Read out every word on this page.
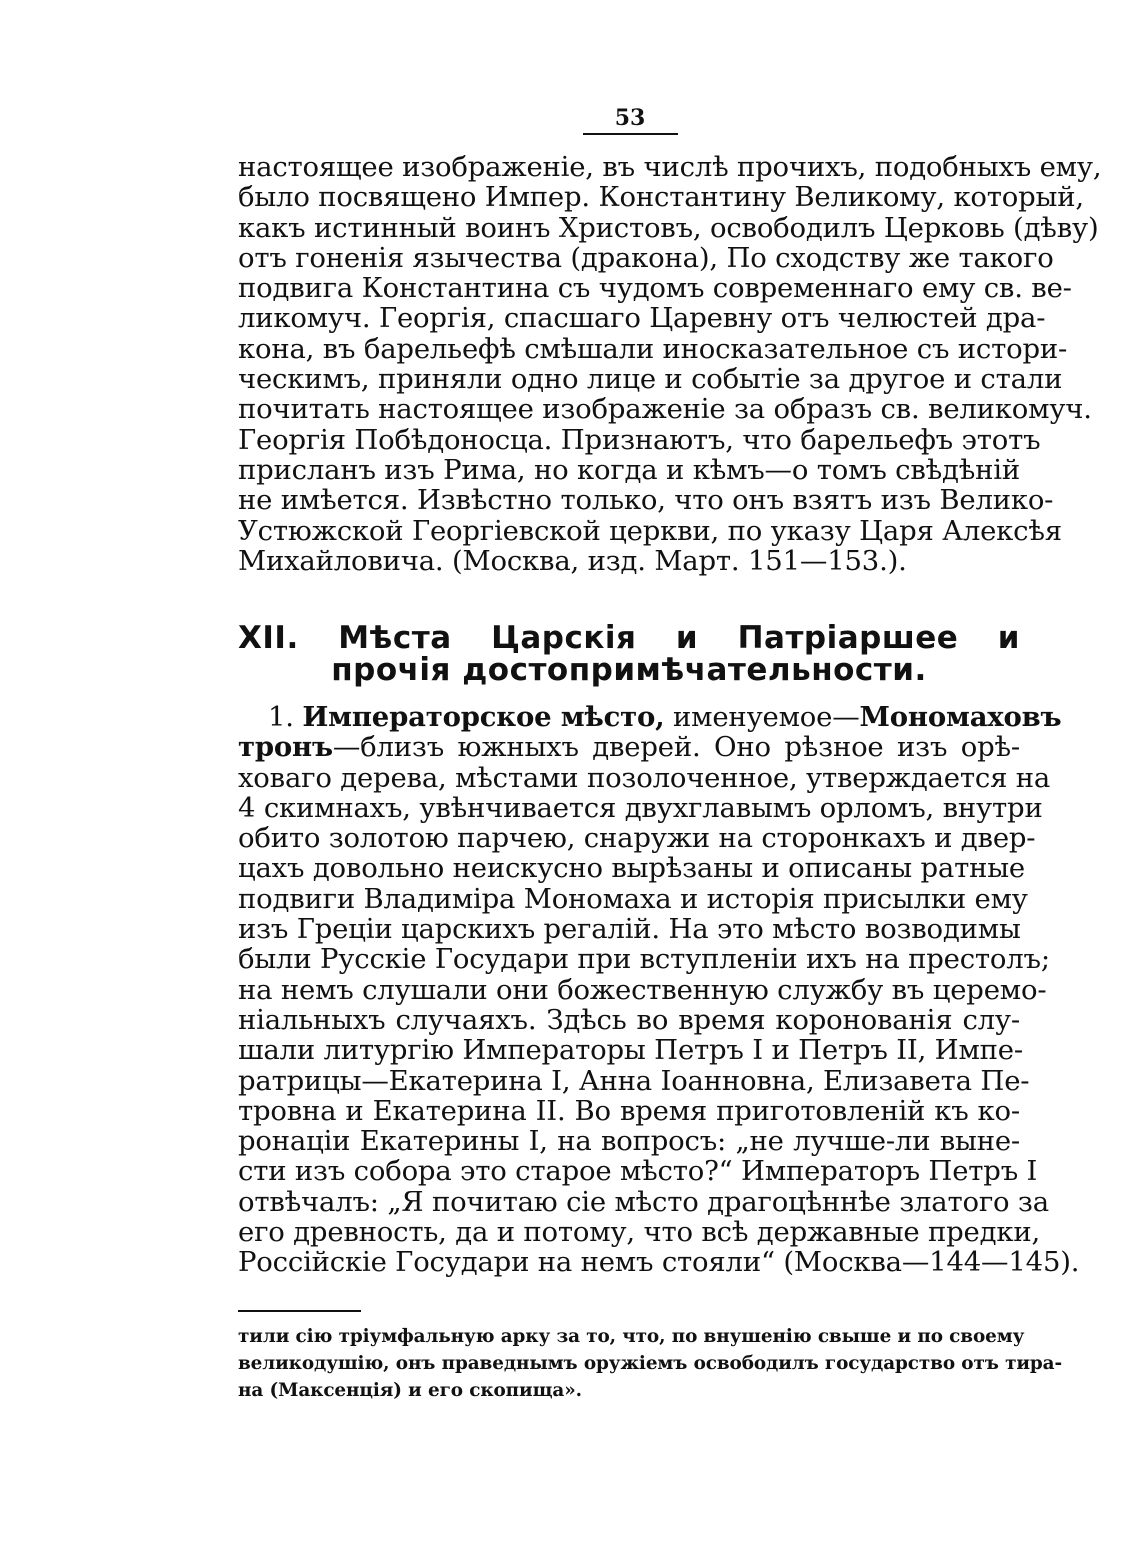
53
настоящее изображеніе, въ числѣ прочихъ, подобныхъ ему,
было посвящено Импер. Константину Великому, который,
какъ истинный воинъ Христовъ, освободилъ Церковь (дѣву)
отъ гоненія язычества (дракона), По сходству же такого
подвига Константина съ чудомъ современнаго ему св. ве-
ликомуч. Георгія, спасшаго Царевну отъ челюстей дра-
кона, въ барельефѣ смѣшали иносказательное съ истори-
ческимъ, приняли одно лице и событіе за другое и стали
почитать настоящее изображеніе за образъ св. великомуч.
Георгія Побѣдоносца. Признаютъ, что барельефъ этотъ
присланъ изъ Рима, но когда и кѣмъ—о томъ свѣдѣній
не имѣется. Извѣстно только, что онъ взятъ изъ Велико-
Устюжской Георгіевской церкви, по указу Царя Алексѣя
Михайловича. (Москва, изд. Март. 151—153.).
XII. Мѣста Царскія и Патріаршее и
прочія достопримѣчательности.
1. Императорское мѣсто, именуемое—Мономаховъ
тронъ—близъ южныхъ дверей. Оно рѣзное изъ орѣ-
ховаго дерева, мѣстами позолоченное, утверждается на
4 скимнахъ, увѣнчивается двухглавымъ орломъ, внутри
обито золотою парчею, снаружи на сторонкахъ и двер-
цахъ довольно неискусно вырѣзаны и описаны ратные
подвиги Владиміра Мономаха и исторія присылки ему
изъ Греціи царскихъ регалій. На это мѣсто возводимы
были Русскіе Государи при вступленіи ихъ на престолъ;
на немъ слушали они божественную службу въ церемо-
ніальныхъ случаяхъ. Здѣсь во время коронованія слу-
шали литургію Императоры Петръ I и Петръ II, Импе-
ратрицы—Екатерина I, Анна Іоанновна, Елизавета Пе-
тровна и Екатерина II. Во время приготовленій къ ко-
ронаціи Екатерины I, на вопросъ: „не лучше-ли выне-
сти изъ собора это старое мѣсто?“ Императоръ Петръ I
отвѣчалъ: „Я почитаю сіе мѣсто драгоцѣннѣе златого за
его древность, да и потому, что всѣ державные предки,
Россійскіе Государи на немъ стояли“ (Москва—144—145).
тили сію тріумфальную арку за то, что, по внушенію свыше и по своему
великодушію, онъ праведнымъ оружіемъ освободилъ государство отъ тира-
на (Максенція) и его скопища».
